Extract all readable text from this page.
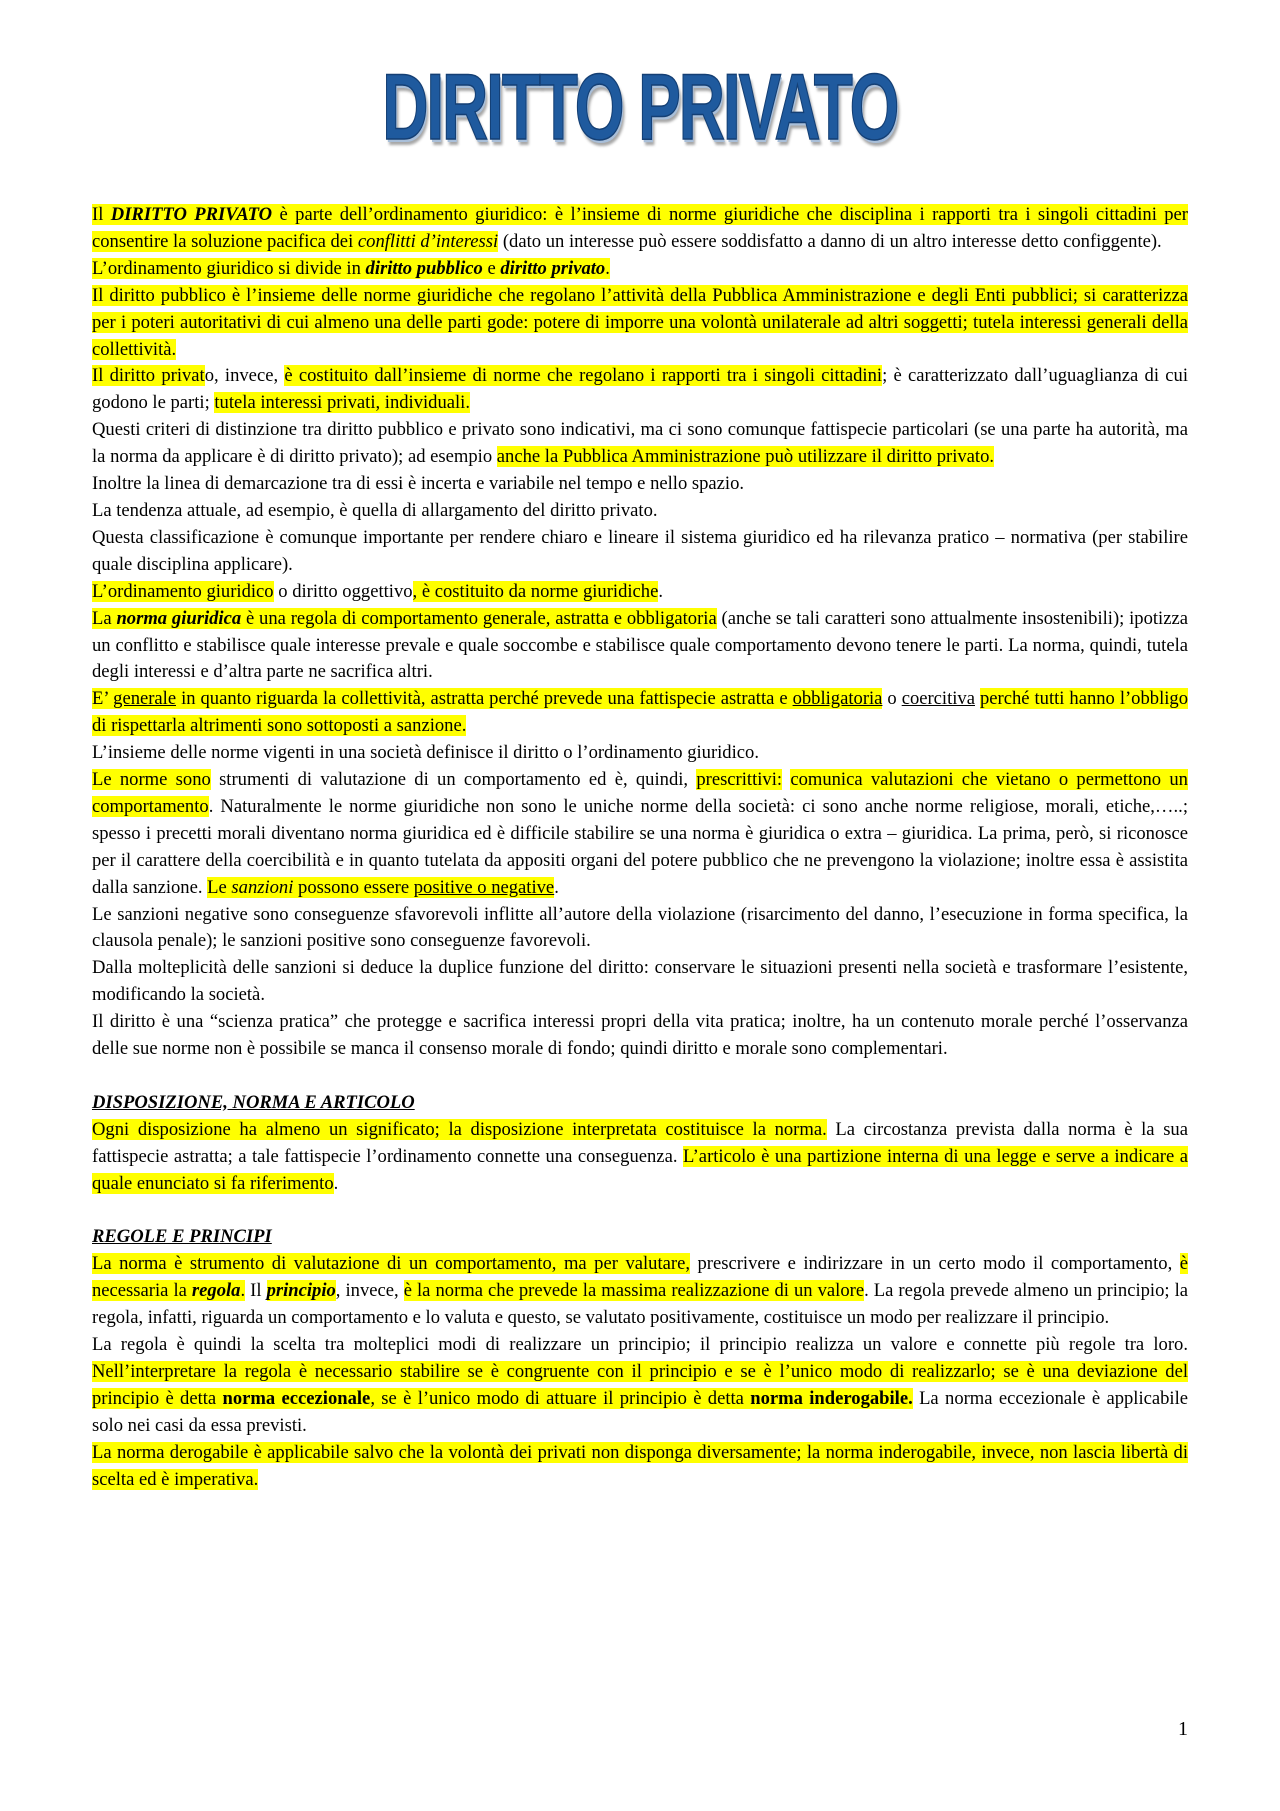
DIRITTO PRIVATO

Il DIRITTO PRIVATO è parte dell’ordinamento giuridico: è l’insieme di norme giuridiche che disciplina i rapporti tra i singoli cittadini per consentire la soluzione pacifica dei conflitti d’interessi (dato un interesse può essere soddisfatto a danno di un altro interesse detto configgente).

L’ordinamento giuridico si divide in diritto pubblico e diritto privato.

Il diritto pubblico è l’insieme delle norme giuridiche che regolano l’attività della Pubblica Amministrazione e degli Enti pubblici; si caratterizza per i poteri autoritativi di cui almeno una delle parti gode: potere di imporre una volontà unilaterale ad altri soggetti; tutela interessi generali della collettività.

Il diritto privato, invece, è costituito dall’insieme di norme che regolano i rapporti tra i singoli cittadini; è caratterizzato dall’uguaglianza di cui godono le parti; tutela interessi privati, individuali.

Questi criteri di distinzione tra diritto pubblico e privato sono indicativi, ma ci sono comunque fattispecie particolari (se una parte ha autorità, ma la norma da applicare è di diritto privato); ad esempio anche la Pubblica Amministrazione può utilizzare il diritto privato.

Inoltre la linea di demarcazione tra di essi è incerta e variabile nel tempo e nello spazio.

La tendenza attuale, ad esempio, è quella di allargamento del diritto privato.

Questa classificazione è comunque importante per rendere chiaro e lineare il sistema giuridico ed ha rilevanza pratico – normativa (per stabilire quale disciplina applicare).

L’ordinamento giuridico o diritto oggettivo, è costituito da norme giuridiche.

La norma giuridica è una regola di comportamento generale, astratta e obbligatoria (anche se tali caratteri sono attualmente insostenibili); ipotizza un conflitto e stabilisce quale interesse prevale e quale soccombe e stabilisce quale comportamento devono tenere le parti. La norma, quindi, tutela degli interessi e d’altra parte ne sacrifica altri.

E’ generale in quanto riguarda la collettività, astratta perché prevede una fattispecie astratta e obbligatoria o coercitiva perché tutti hanno l’obbligo di rispettarla altrimenti sono sottoposti a sanzione.

L’insieme delle norme vigenti in una società definisce il diritto o l’ordinamento giuridico.

Le norme sono strumenti di valutazione di un comportamento ed è, quindi, prescrittivi: comunica valutazioni che vietano o permettono un comportamento. Naturalmente le norme giuridiche non sono le uniche norme della società: ci sono anche norme religiose, morali, etiche,…..; spesso i precetti morali diventano norma giuridica ed è difficile stabilire se una norma è giuridica o extra – giuridica. La prima, però, si riconosce per il carattere della coercibilità e in quanto tutelata da appositi organi del potere pubblico che ne prevengono la violazione; inoltre essa è assistita dalla sanzione. Le sanzioni possono essere positive o negative.

Le sanzioni negative sono conseguenze sfavorevoli inflitte all’autore della violazione (risarcimento del danno, l’esecuzione in forma specifica, la clausola penale); le sanzioni positive sono conseguenze favorevoli.

Dalla molteplicità delle sanzioni si deduce la duplice funzione del diritto: conservare le situazioni presenti nella società e trasformare l’esistente, modificando la società.

Il diritto è una “scienza pratica” che protegge e sacrifica interessi propri della vita pratica; inoltre, ha un contenuto morale perché l’osservanza delle sue norme non è possibile se manca il consenso morale di fondo; quindi diritto e morale sono complementari.

DISPOSIZIONE, NORMA E ARTICOLO

Ogni disposizione ha almeno un significato; la disposizione interpretata costituisce la norma. La circostanza prevista dalla norma è la sua fattispecie astratta; a tale fattispecie l’ordinamento connette una conseguenza. L’articolo è una partizione interna di una legge e serve a indicare a quale enunciato si fa riferimento.

REGOLE E PRINCIPI

La norma è strumento di valutazione di un comportamento, ma per valutare, prescrivere e indirizzare in un certo modo il comportamento, è necessaria la regola. Il principio, invece, è la norma che prevede la massima realizzazione di un valore. La regola prevede almeno un principio; la regola, infatti, riguarda un comportamento e lo valuta e questo, se valutato positivamente, costituisce un modo per realizzare il principio.

La regola è quindi la scelta tra molteplici modi di realizzare un principio; il principio realizza un valore e connette più regole tra loro. Nell’interpretare la regola è necessario stabilire se è congruente con il principio e se è l’unico modo di realizzarlo; se è una deviazione del principio è detta norma eccezionale, se è l’unico modo di attuare il principio è detta norma inderogabile. La norma eccezionale è applicabile solo nei casi da essa previsti.

La norma derogabile è applicabile salvo che la volontà dei privati non disponga diversamente; la norma inderogabile, invece, non lascia libertà di scelta ed è imperativa.

1
